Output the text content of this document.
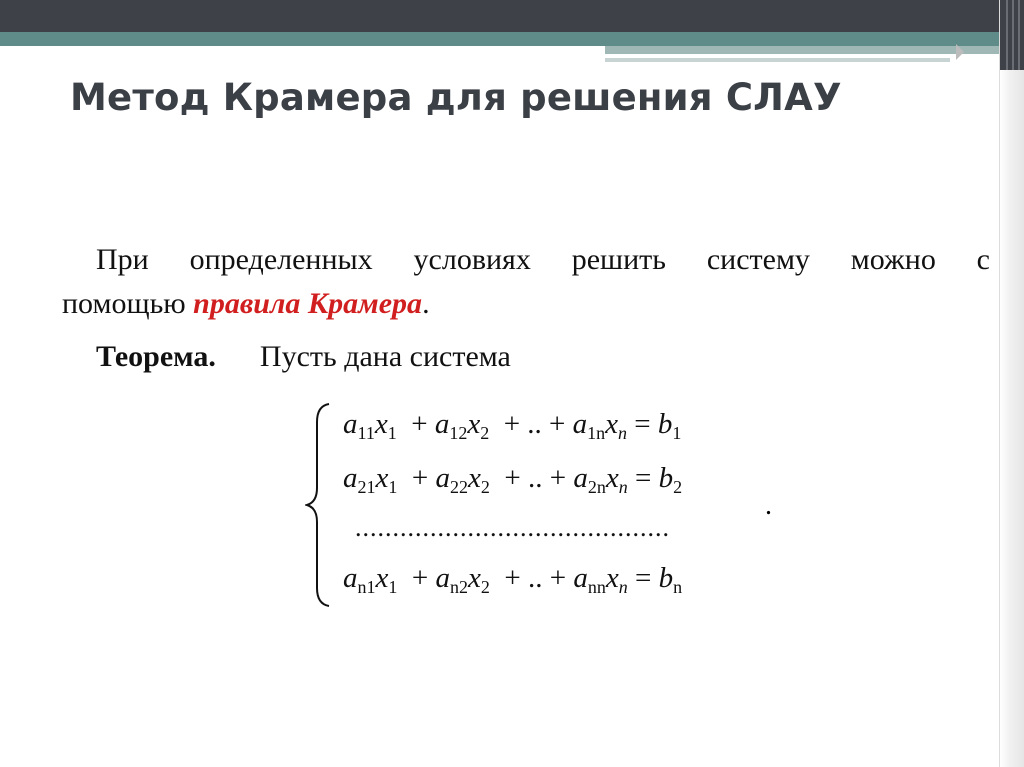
Метод Крамера для решения СЛАУ
При определенных условиях решить систему можно с
помощью правила Крамера.
Теорема. Пусть дана система
$a_{11}x_1 + a_{12}x_2$  + .. + $a_{1n}x_n = b_1$
$a_{21}x_1 + a_{22}x_2$  + .. + $a_{2n}x_n = b_2$
$a_{n1}x_1 + a_{n2}x_2$  + .. + $a_{nn}x_n = b_n$
..........................................
.
